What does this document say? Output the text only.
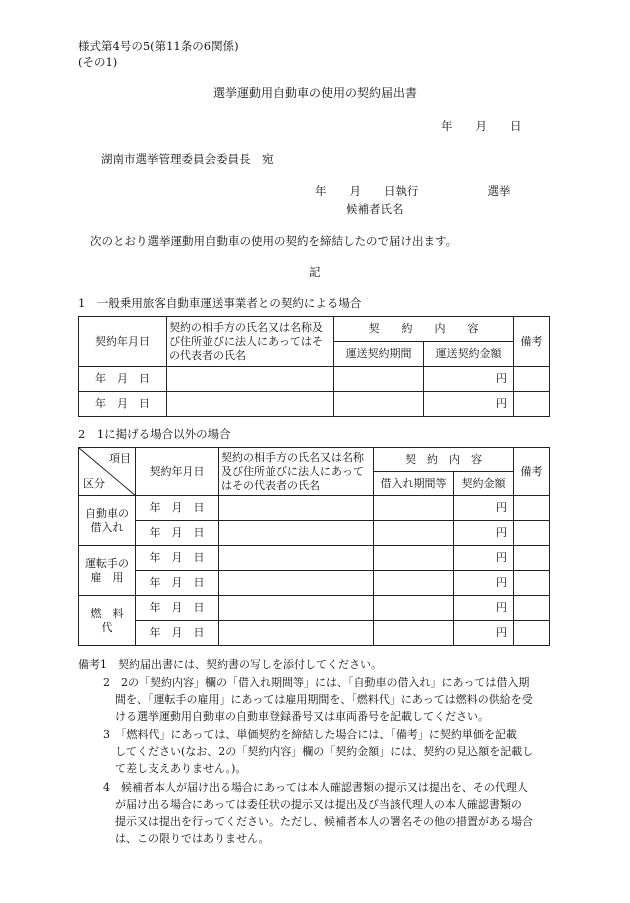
様式第4号の5(第11条の6関係)
(その1)
選挙運動用自動車の使用の契約届出書
年　　月　　日
湖南市選挙管理委員会委員長　宛
年　　月　　日執行　　　　　　選挙
候補者氏名
次のとおり選挙運動用自動車の使用の契約を締結したので届け出ます。
記
1　一般乗用旅客自動車運送事業者との契約による場合
契約年月日	契約の相手方の氏名又は名称及び住所並びに法人にあってはその代表者の氏名	契　　約　　内　　容		備考
		運送契約期間	運送契約金額	
年　月　日			円	
年　月　日			円	
2　1に掲げる場合以外の場合
項目
区分	契約年月日	契約の相手方の氏名又は名称及び住所並びに法人にあってはその代表者の氏名	契　約　内　容		備考
			借入れ期間等	契約金額	
自動車の借入れ	年　月　日			円	
	年　月　日			円	
運転手の雇　用	年　月　日			円	
	年　月　日			円	
燃　料　代	年　月　日			円	
	年　月　日			円	
備考1　契約届出書には、契約書の写しを添付してください。
2　2の「契約内容」欄の「借入れ期間等」には、「自動車の借入れ」にあっては借入期
間を、「運転手の雇用」にあっては雇用期間を、「燃料代」にあっては燃料の供給を受
ける選挙運動用自動車の自動車登録番号又は車両番号を記載してください。
3　「燃料代」にあっては、単価契約を締結した場合には、「備考」に契約単価を記載
してください(なお、2の「契約内容」欄の「契約金額」には、契約の見込額を記載し
て差し支えありません。)。
4　候補者本人が届け出る場合にあっては本人確認書類の提示又は提出を、その代理人
が届け出る場合にあっては委任状の提示又は提出及び当該代理人の本人確認書類の
提示又は提出を行ってください。ただし、候補者本人の署名その他の措置がある場合
は、この限りではありません。
